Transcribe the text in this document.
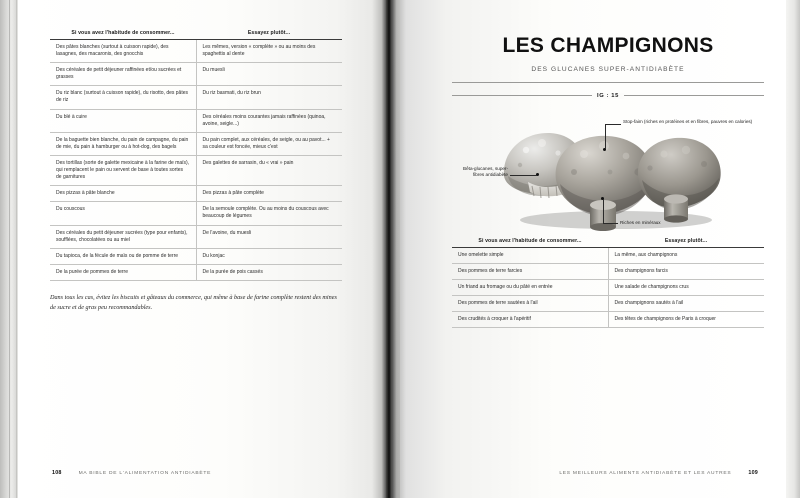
Si vous avez l'habitude de consommer...	Essayez plutôt...
Des pâtes blanches (surtout à cuisson rapide), des lasagnes, des macaronis, des gnocchis	Les mêmes, version « complète » ou au moins des spaghettis al dente
Des céréales de petit déjeuner raffinées et/ou sucrées et grasses	Du muesli
Du riz blanc (surtout à cuisson rapide), du risotto, des pâtes de riz	Du riz basmati, du riz brun
Du blé à cuire	Des céréales moins courantes jamais raffinées (quinoa, avoine, seigle...)
De la baguette bien blanche, du pain de campagne, du pain de mie, du pain à hamburger ou à hot-dog, des bagels	Du pain complet, aux céréales, de seigle, ou au pavot... + sa couleur est foncée, mieux c'est
Des tortillas (sorte de galette mexicaine à la farine de maïs), qui remplacent le pain ou servent de base à toutes sortes de garnitures	Des galettes de sarrasin, du « vrai » pain
Des pizzas à pâte blanche	Des pizzas à pâte complète
Du couscous	De la semoule complète. Ou au moins du couscous avec beaucoup de légumes
Des céréales du petit déjeuner sucrées (type pour enfants), soufflées, chocolatées ou au miel	De l'avoine, du muesli
Du tapioca, de la fécule de maïs ou de pomme de terre	Du konjac
De la purée de pommes de terre	De la purée de pois cassés

Dans tous les cas, évitez les biscuits et gâteaux du commerce, qui même à base de farine complète restent des mines de sucre et de gras peu recommandables.

108	MA BIBLE DE L'ALIMENTATION ANTIDIABÈTE
LES CHAMPIGNONS
DES GLUCANES SUPER-ANTIDIABÈTE
IG : 15
Stop-faim (riches en protéines et en fibres, pauvres en calories)
Bêta-glucanes, super-fibres antidiabète
Riches en minéraux
Si vous avez l'habitude de consommer...	Essayez plutôt...
Une omelette simple	La même, aux champignons
Des pommes de terre farcies	Des champignons farcis
Un friand au fromage ou du pâté en entrée	Une salade de champignons crus
Des pommes de terre sautées à l'ail	Des champignons sautés à l'ail
Des crudités à croquer à l'apéritif	Des têtes de champignons de Paris à croquer
LES MEILLEURS ALIMENTS ANTIDIABÈTE ET LES AUTRES	109
